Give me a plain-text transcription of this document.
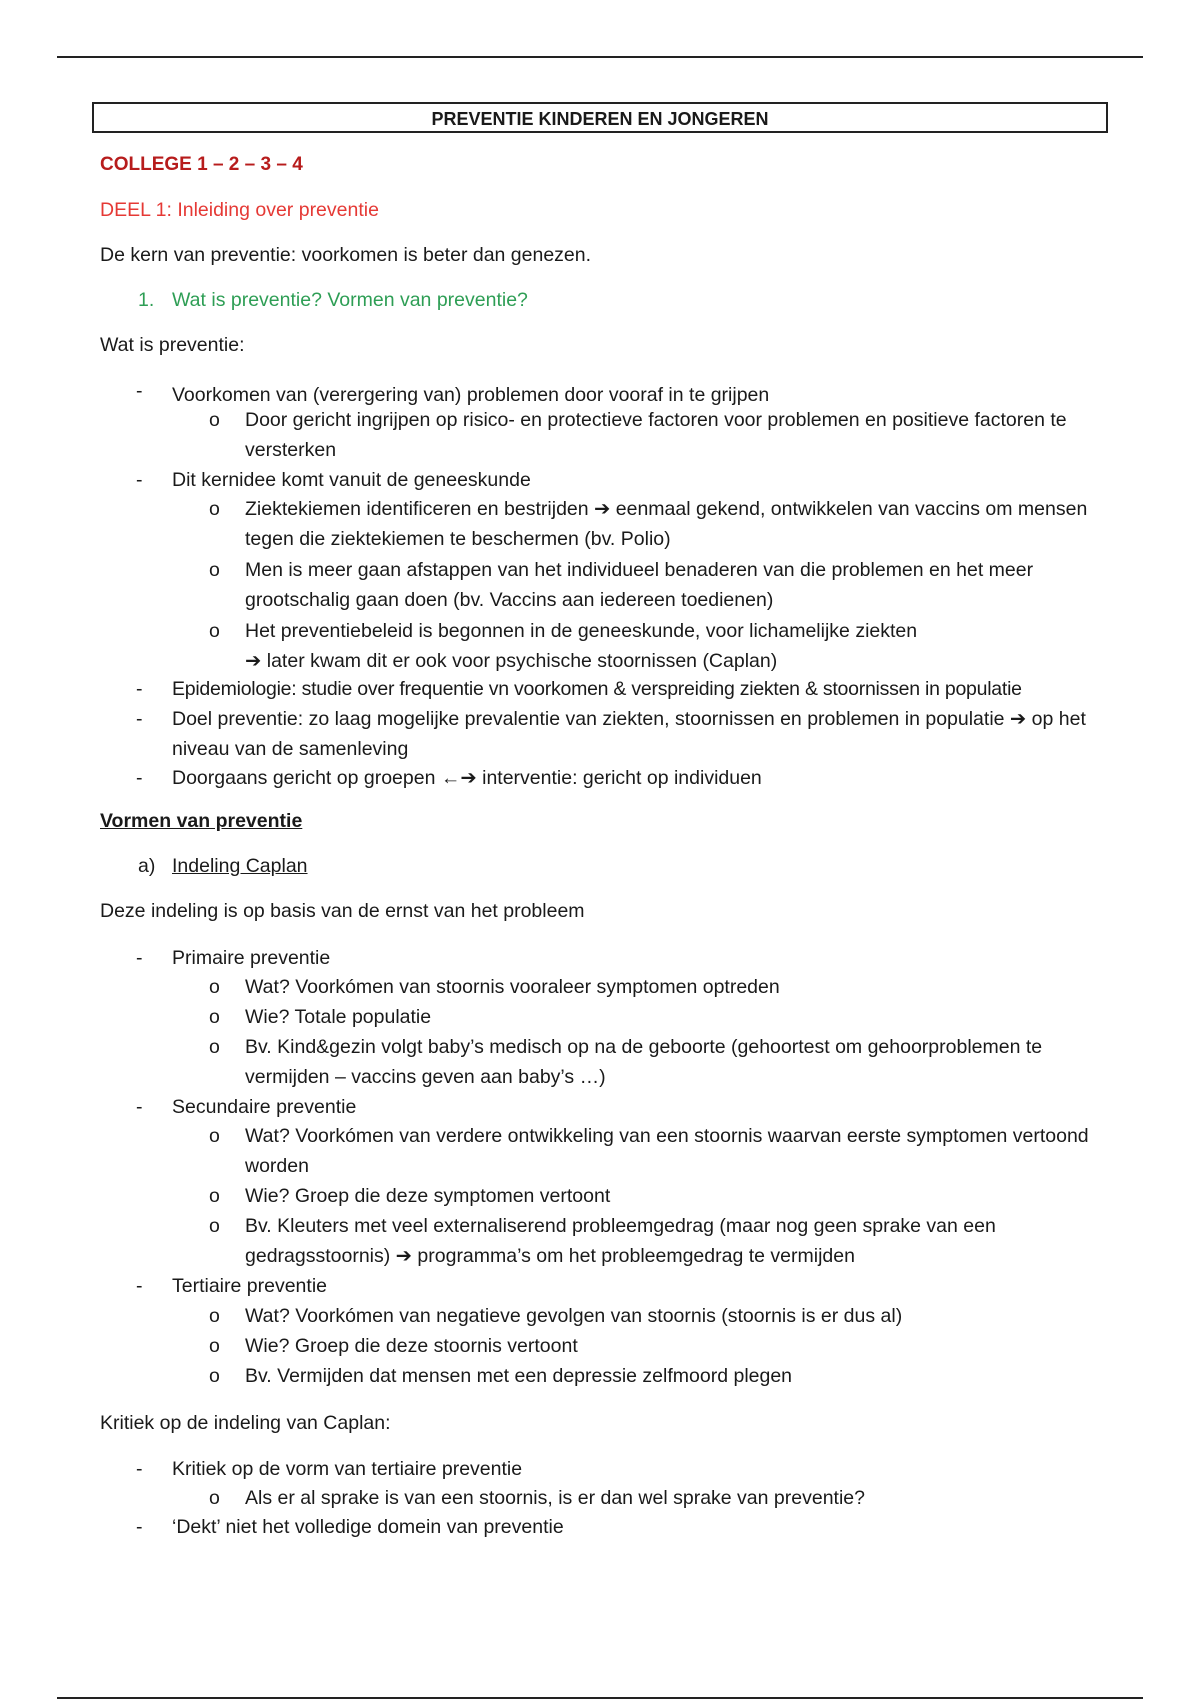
PREVENTIE KINDEREN EN JONGEREN
COLLEGE 1 – 2 – 3 – 4
DEEL 1: Inleiding over preventie
De kern van preventie: voorkomen is beter dan genezen.
1. Wat is preventie? Vormen van preventie?
Wat is preventie:
- Voorkomen van (verergering van) problemen door vooraf in te grijpen
o Door gericht ingrijpen op risico- en protectieve factoren voor problemen en positieve factoren te versterken
- Dit kernidee komt vanuit de geneeskunde
o Ziektekiemen identificeren en bestrijden ➔ eenmaal gekend, ontwikkelen van vaccins om mensen tegen die ziektekiemen te beschermen (bv. Polio)
o Men is meer gaan afstappen van het individueel benaderen van die problemen en het meer grootschalig gaan doen (bv. Vaccins aan iedereen toedienen)
o Het preventiebeleid is begonnen in de geneeskunde, voor lichamelijke ziekten
➔ later kwam dit er ook voor psychische stoornissen (Caplan)
- Epidemiologie: studie over frequentie vn voorkomen & verspreiding ziekten & stoornissen in populatie
- Doel preventie: zo laag mogelijke prevalentie van ziekten, stoornissen en problemen in populatie ➔ op het niveau van de samenleving
- Doorgaans gericht op groepen ←➔ interventie: gericht op individuen
Vormen van preventie
a) Indeling Caplan
Deze indeling is op basis van de ernst van het probleem
- Primaire preventie
o Wat? Voorkómen van stoornis vooraleer symptomen optreden
o Wie? Totale populatie
o Bv. Kind&gezin volgt baby’s medisch op na de geboorte (gehoortest om gehoorproblemen te vermijden – vaccins geven aan baby’s …)
- Secundaire preventie
o Wat? Voorkómen van verdere ontwikkeling van een stoornis waarvan eerste symptomen vertoond worden
o Wie? Groep die deze symptomen vertoont
o Bv. Kleuters met veel externaliserend probleemgedrag (maar nog geen sprake van een gedragsstoornis) ➔ programma’s om het probleemgedrag te vermijden
- Tertiaire preventie
o Wat? Voorkómen van negatieve gevolgen van stoornis (stoornis is er dus al)
o Wie? Groep die deze stoornis vertoont
o Bv. Vermijden dat mensen met een depressie zelfmoord plegen
Kritiek op de indeling van Caplan:
- Kritiek op de vorm van tertiaire preventie
o Als er al sprake is van een stoornis, is er dan wel sprake van preventie?
- ‘Dekt’ niet het volledige domein van preventie
